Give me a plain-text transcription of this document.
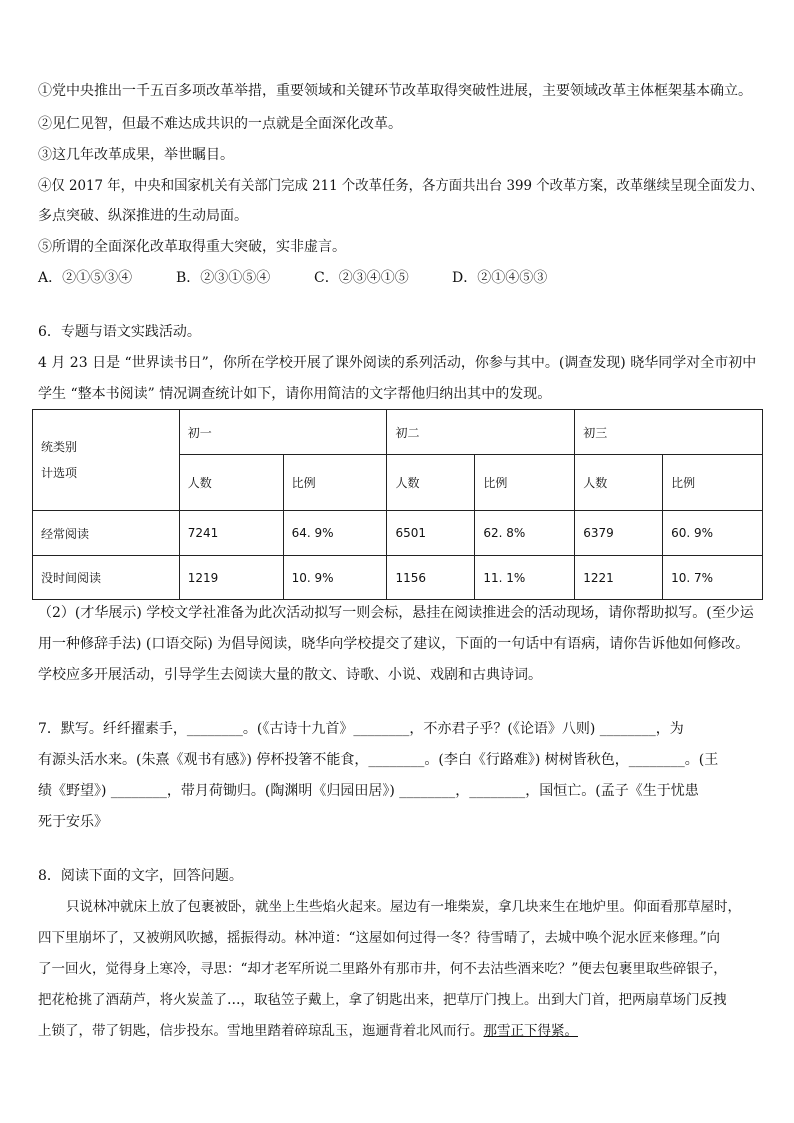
①党中央推出一千五百多项改革举措，重要领域和关键环节改革取得突破性进展，主要领域改革主体框架基本确立。
②见仁见智，但最不难达成共识的一点就是全面深化改革。
③这几年改革成果，举世瞩目。
④仅 2017 年，中央和国家机关有关部门完成 211 个改革任务，各方面共出台 399 个改革方案，改革继续呈现全面发力、
多点突破、纵深推进的生动局面。
⑤所谓的全面深化改革取得重大突破，实非虚言。
A．②①⑤③④	B．②③①⑤④	C．②③④①⑤	D．②①④⑤③
6．专题与语文实践活动。
4 月 23 日是 “世界读书日”，你所在学校开展了课外阅读的系列活动，你参与其中。(调查发现) 晓华同学对全市初中
学生 “整本书阅读” 情况调查统计如下，请你用简洁的文字帮他归纳出其中的发现。
统类别
计选项	初一		初二		初三	
	人数	比例	人数	比例	人数	比例
经常阅读	7241	64. 9%	6501	62. 8%	6379	60. 9%
没时间阅读	1219	10. 9%	1156	11. 1%	1221	10. 7%
（2）(才华展示) 学校文学社准备为此次活动拟写一则会标，悬挂在阅读推进会的活动现场，请你帮助拟写。(至少运
用一种修辞手法) (口语交际) 为倡导阅读，晓华向学校提交了建议，下面的一句话中有语病，请你告诉他如何修改。
学校应多开展活动，引导学生去阅读大量的散文、诗歌、小说、戏剧和古典诗词。
7．默写。纤纤擢素手，________。(《古诗十九首》________，不亦君子乎？(《论语》八则) ________，为
有源头活水来。(朱熹《观书有感》) 停杯投箸不能食，________。(李白《行路难》) 树树皆秋色，________。(王
绩《野望》) ________，带月荷锄归。(陶渊明《归园田居》) ________，________，国恒亡。(孟子《生于忧患
死于安乐》
8．阅读下面的文字，回答问题。
只说林冲就床上放了包裹被卧，就坐上生些焰火起来。屋边有一堆柴炭，拿几块来生在地炉里。仰面看那草屋时，
四下里崩坏了，又被朔风吹撼，摇振得动。林冲道：“这屋如何过得一冬？待雪晴了，去城中唤个泥水匠来修理。”向
了一回火，觉得身上寒冷，寻思：“却才老军所说二里路外有那市井，何不去沽些酒来吃？”便去包裹里取些碎银子，
把花枪挑了酒葫芦，将火炭盖了…，取毡笠子戴上，拿了钥匙出来，把草厅门拽上。出到大门首，把两扇草场门反拽
上锁了，带了钥匙，信步投东。雪地里踏着碎琼乱玉，迤逦背着北风而行。那雪正下得紧。
